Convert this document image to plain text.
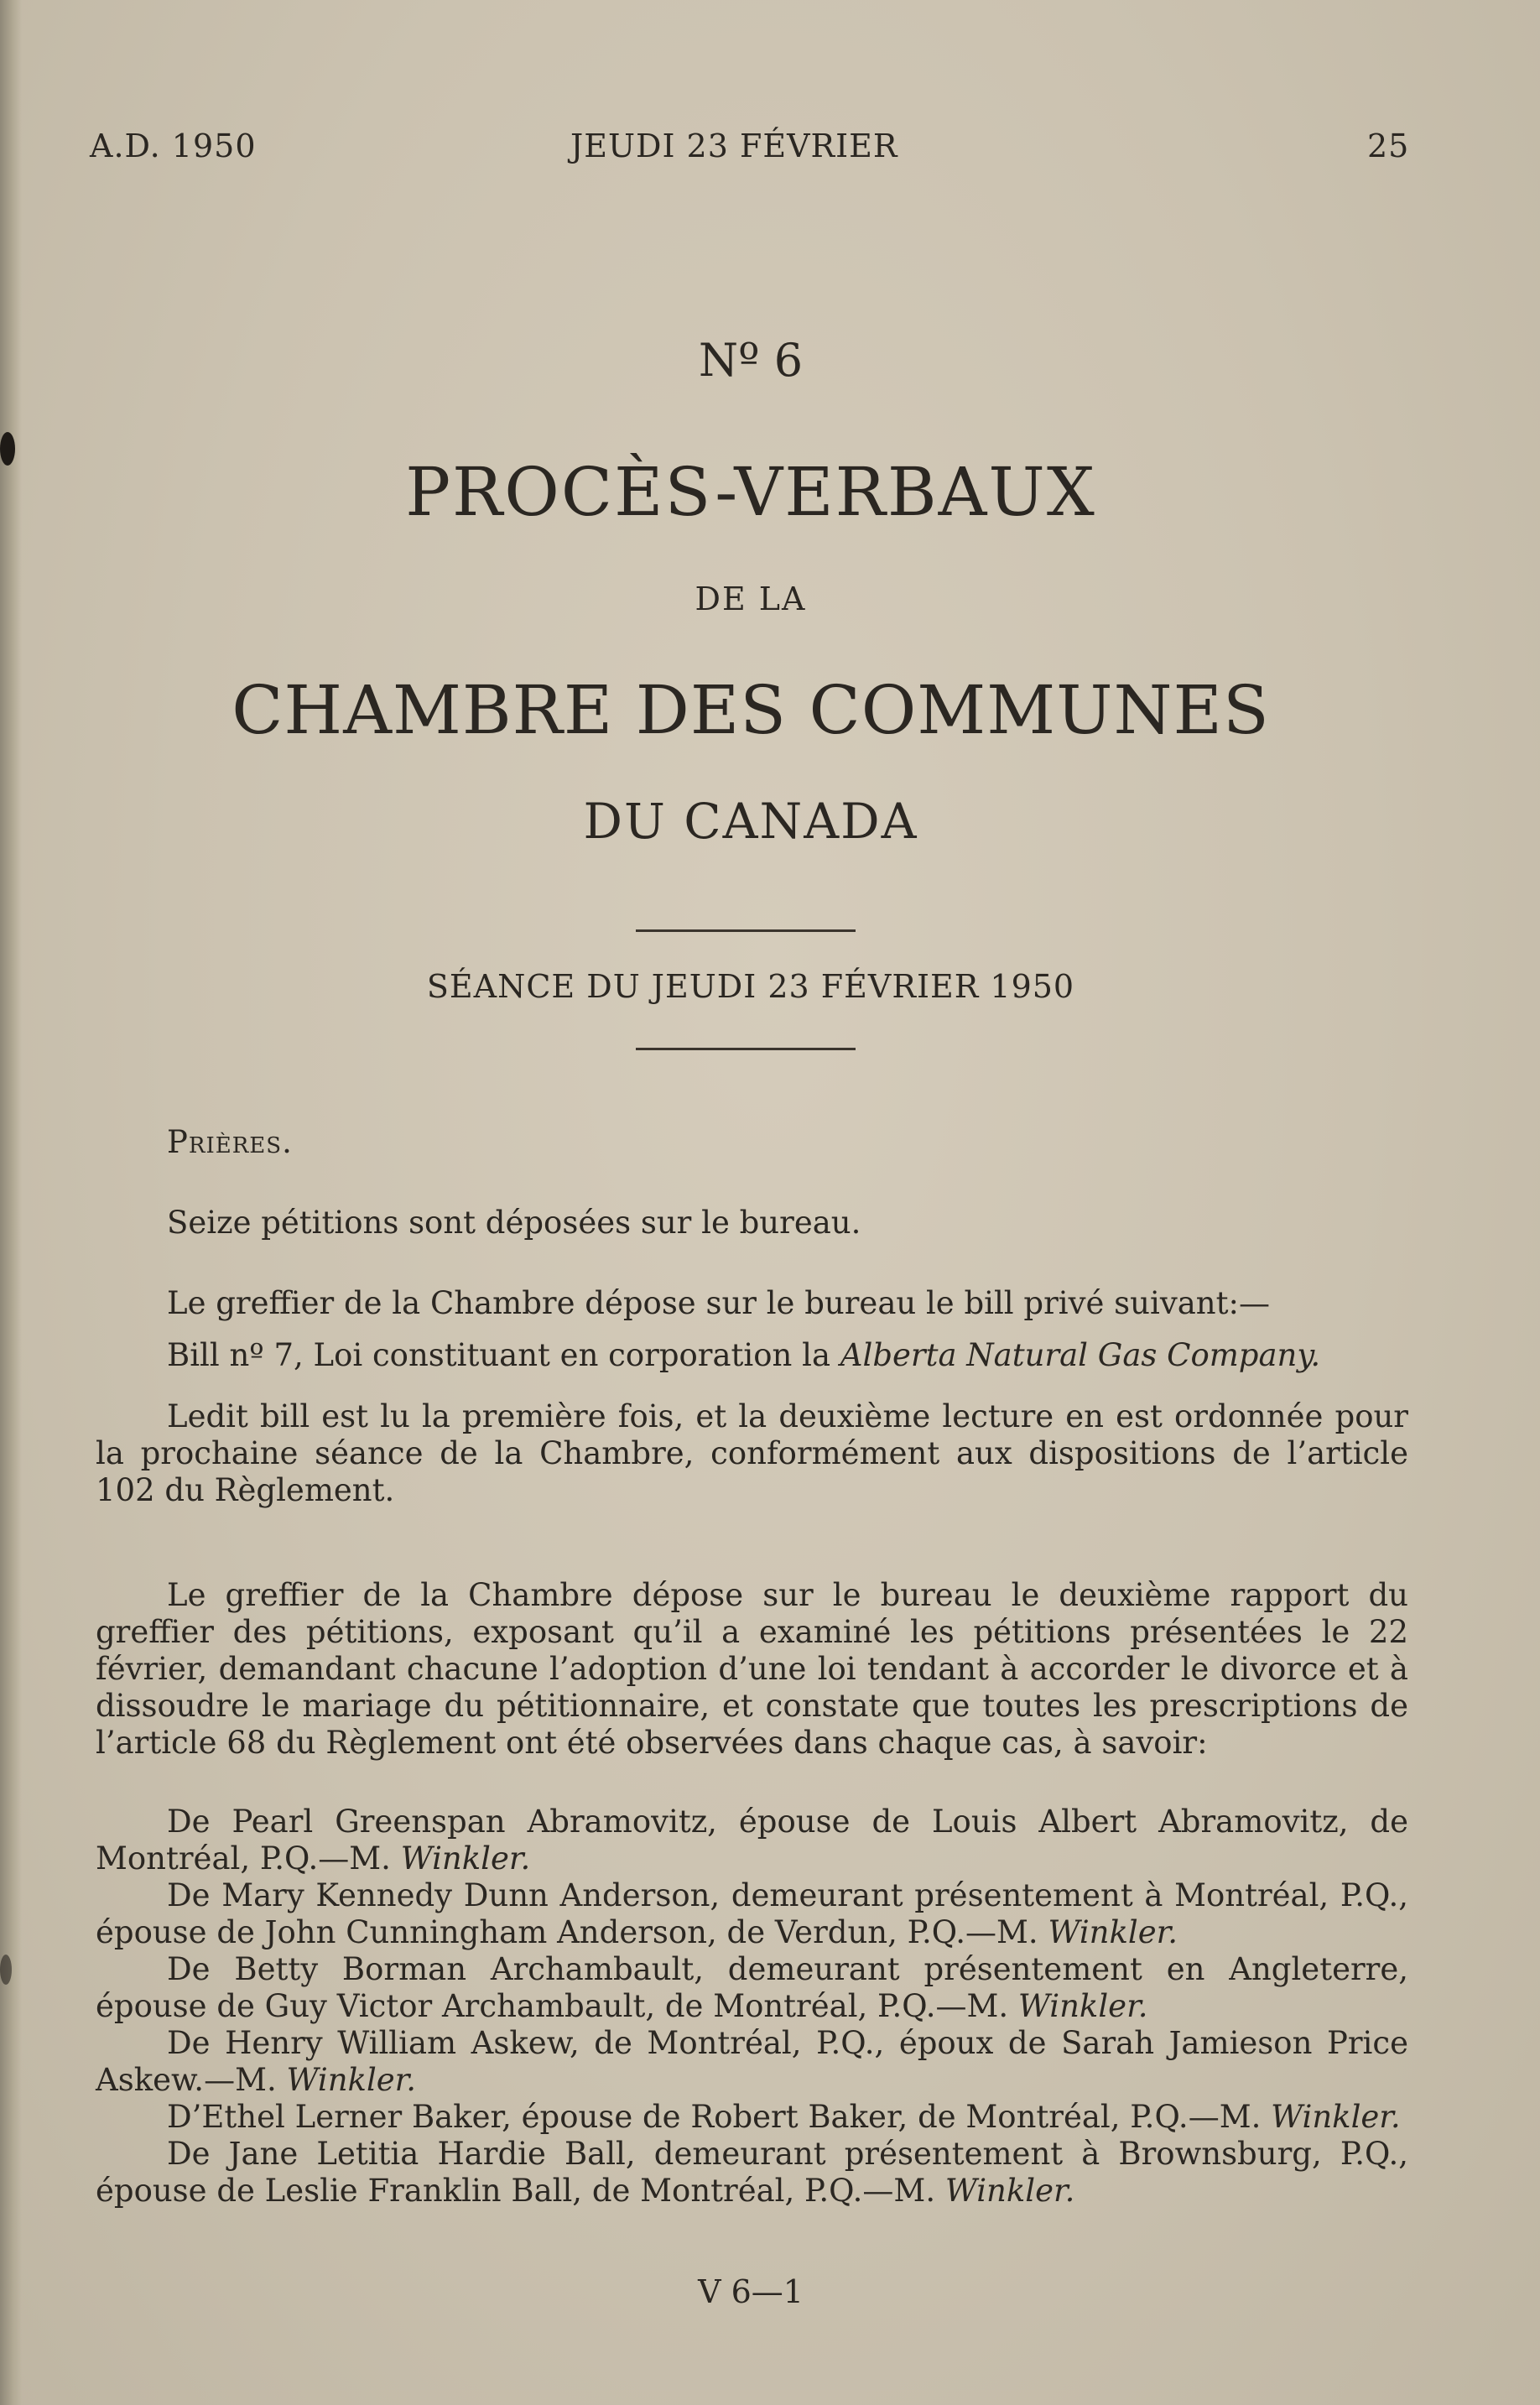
A.D. 1950	JEUDI 23 FÉVRIER	25
Nº 6
PROCÈS-VERBAUX
DE LA
CHAMBRE DES COMMUNES
DU CANADA
SÉANCE DU JEUDI 23 FÉVRIER 1950
Prières.
Seize pétitions sont déposées sur le bureau.
Le greffier de la Chambre dépose sur le bureau le bill privé suivant:—
Bill nº 7, Loi constituant en corporation la Alberta Natural Gas Company.

Ledit bill est lu la première fois, et la deuxième lecture en est ordonnée pour la prochaine séance de la Chambre, conformément aux dispositions de l’article 102 du Règlement.

Le greffier de la Chambre dépose sur le bureau le deuxième rapport du greffier des pétitions, exposant qu’il a examiné les pétitions présentées le 22 février, demandant chacune l’adoption d’une loi tendant à accorder le divorce et à dissoudre le mariage du pétitionnaire, et constate que toutes les prescriptions de l’article 68 du Règlement ont été observées dans chaque cas, à savoir:

De Pearl Greenspan Abramovitz, épouse de Louis Albert Abramovitz, de Montréal, P.Q.—M. Winkler.

De Mary Kennedy Dunn Anderson, demeurant présentement à Montréal, P.Q., épouse de John Cunningham Anderson, de Verdun, P.Q.—M. Winkler.

De Betty Borman Archambault, demeurant présentement en Angleterre, épouse de Guy Victor Archambault, de Montréal, P.Q.—M. Winkler.

De Henry William Askew, de Montréal, P.Q., époux de Sarah Jamieson Price Askew.—M. Winkler.

D’Ethel Lerner Baker, épouse de Robert Baker, de Montréal, P.Q.—M. Winkler.

De Jane Letitia Hardie Ball, demeurant présentement à Brownsburg, P.Q., épouse de Leslie Franklin Ball, de Montréal, P.Q.—M. Winkler.

V 6—1
